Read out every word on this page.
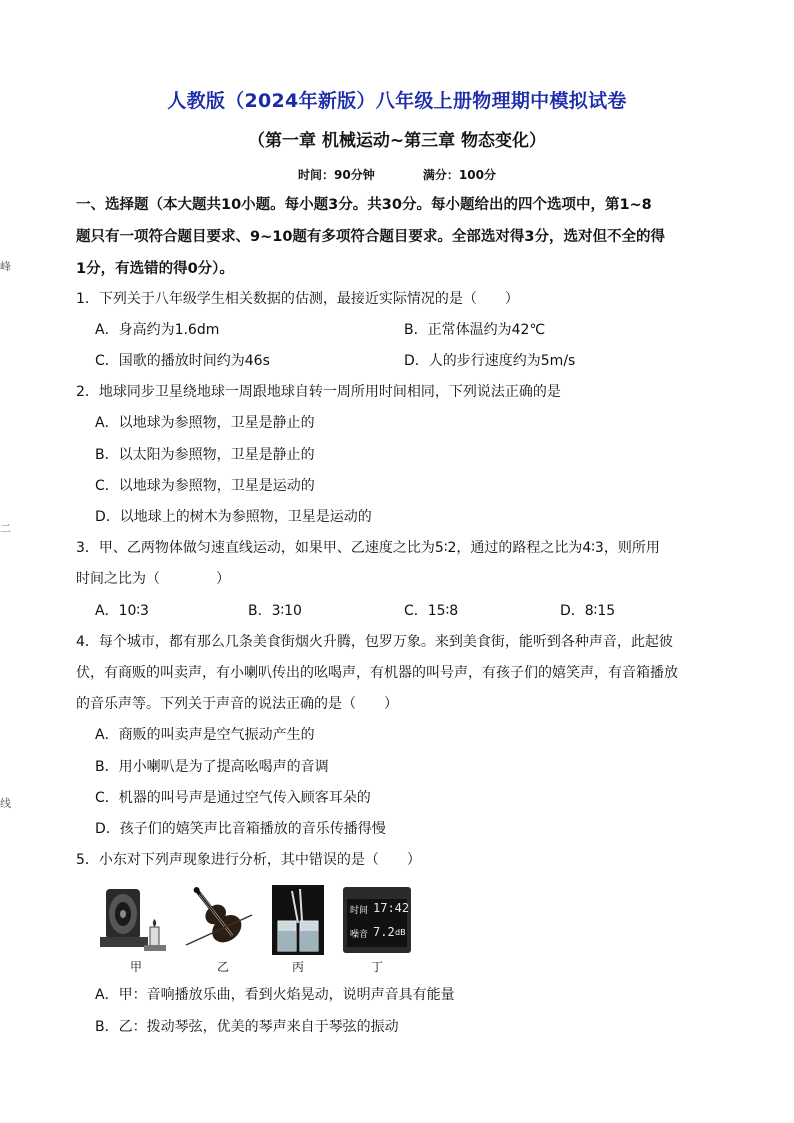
峰
二
线
人教版（2024年新版）八年级上册物理期中模拟试卷
（第一章 机械运动~第三章 物态变化）
时间：90分钟	满分：100分
一、选择题（本大题共10小题。每小题3分。共30分。每小题给出的四个选项中，第1~8
题只有一项符合题目要求、9~10题有多项符合题目要求。全部选对得3分，选对但不全的得
1分，有选错的得0分）。
1．下列关于八年级学生相关数据的估测，最接近实际情况的是（　　）
A．身高约为1.6dm	B．正常体温约为42℃
C．国歌的播放时间约为46s	D．人的步行速度约为5m/s
2．地球同步卫星绕地球一周跟地球自转一周所用时间相同，下列说法正确的是
A．以地球为参照物，卫星是静止的
B．以太阳为参照物，卫星是静止的
C．以地球为参照物，卫星是运动的
D．以地球上的树木为参照物，卫星是运动的
3．甲、乙两物体做匀速直线运动，如果甲、乙速度之比为5∶2，通过的路程之比为4∶3，则所用
时间之比为（　　　　）
A．10∶3	B．3∶10	C．15∶8	D．8∶15
4．每个城市，都有那么几条美食街烟火升腾，包罗万象。来到美食街，能听到各种声音，此起彼
伏，有商贩的叫卖声，有小喇叭传出的吆喝声，有机器的叫号声，有孩子们的嬉笑声，有音箱播放
的音乐声等。下列关于声音的说法正确的是（　　）
A．商贩的叫卖声是空气振动产生的
B．用小喇叭是为了提高吆喝声的音调
C．机器的叫号声是通过空气传入顾客耳朵的
D．孩子们的嬉笑声比音箱播放的音乐传播得慢
5．小东对下列声现象进行分析，其中错误的是（　　）
时间 17:42
噪音 7.2 dB
甲	乙	丙	丁
A．甲：音响播放乐曲，看到火焰晃动，说明声音具有能量
B．乙：拨动琴弦，优美的琴声来自于琴弦的振动
